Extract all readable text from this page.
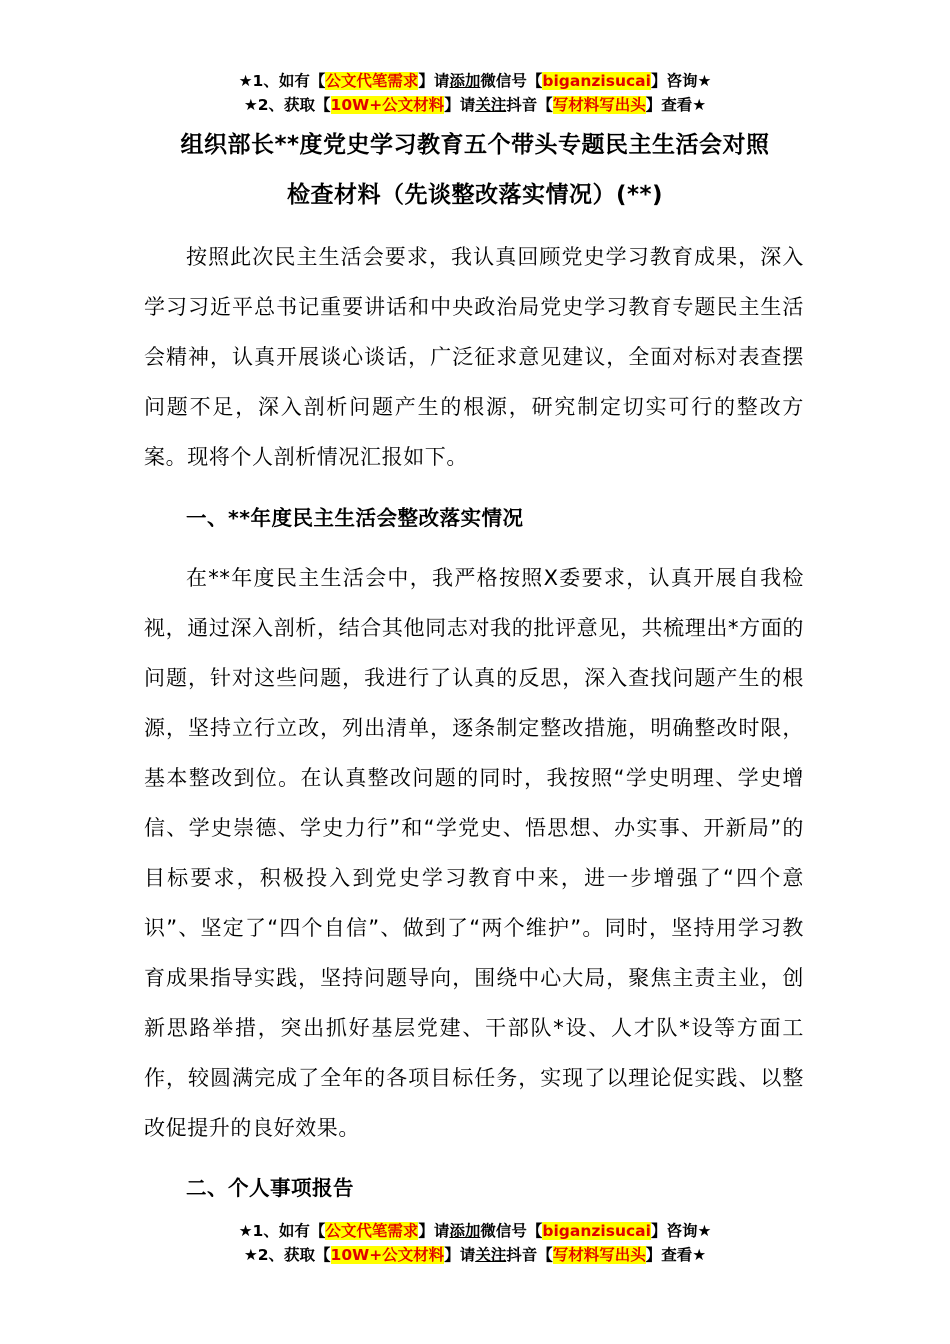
★1、如有【公文代笔需求】请添加微信号【biganzisucai】咨询★
★2、获取【10W+公文材料】请关注抖音【写材料写出头】查看★
组织部长**度党史学习教育五个带头专题民主生活会对照
检查材料（先谈整改落实情况）(**)
按照此次民主生活会要求，我认真回顾党史学习教育成果，深入学习习近平总书记重要讲话和中央政治局党史学习教育专题民主生活会精神，认真开展谈心谈话，广泛征求意见建议，全面对标对表查摆问题不足，深入剖析问题产生的根源，研究制定切实可行的整改方案。现将个人剖析情况汇报如下。
一、**年度民主生活会整改落实情况
在**年度民主生活会中，我严格按照X委要求，认真开展自我检视，通过深入剖析，结合其他同志对我的批评意见，共梳理出*方面的问题，针对这些问题，我进行了认真的反思，深入查找问题产生的根源，坚持立行立改，列出清单，逐条制定整改措施，明确整改时限，基本整改到位。在认真整改问题的同时，我按照“学史明理、学史增信、学史崇德、学史力行”和“学党史、悟思想、办实事、开新局”的目标要求，积极投入到党史学习教育中来，进一步增强了“四个意识”、坚定了“四个自信”、做到了“两个维护”。同时，坚持用学习教育成果指导实践，坚持问题导向，围绕中心大局，聚焦主责主业，创新思路举措，突出抓好基层党建、干部队*设、人才队*设等方面工作，较圆满完成了全年的各项目标任务，实现了以理论促实践、以整改促提升的良好效果。
二、个人事项报告
★1、如有【公文代笔需求】请添加微信号【biganzisucai】咨询★
★2、获取【10W+公文材料】请关注抖音【写材料写出头】查看★
